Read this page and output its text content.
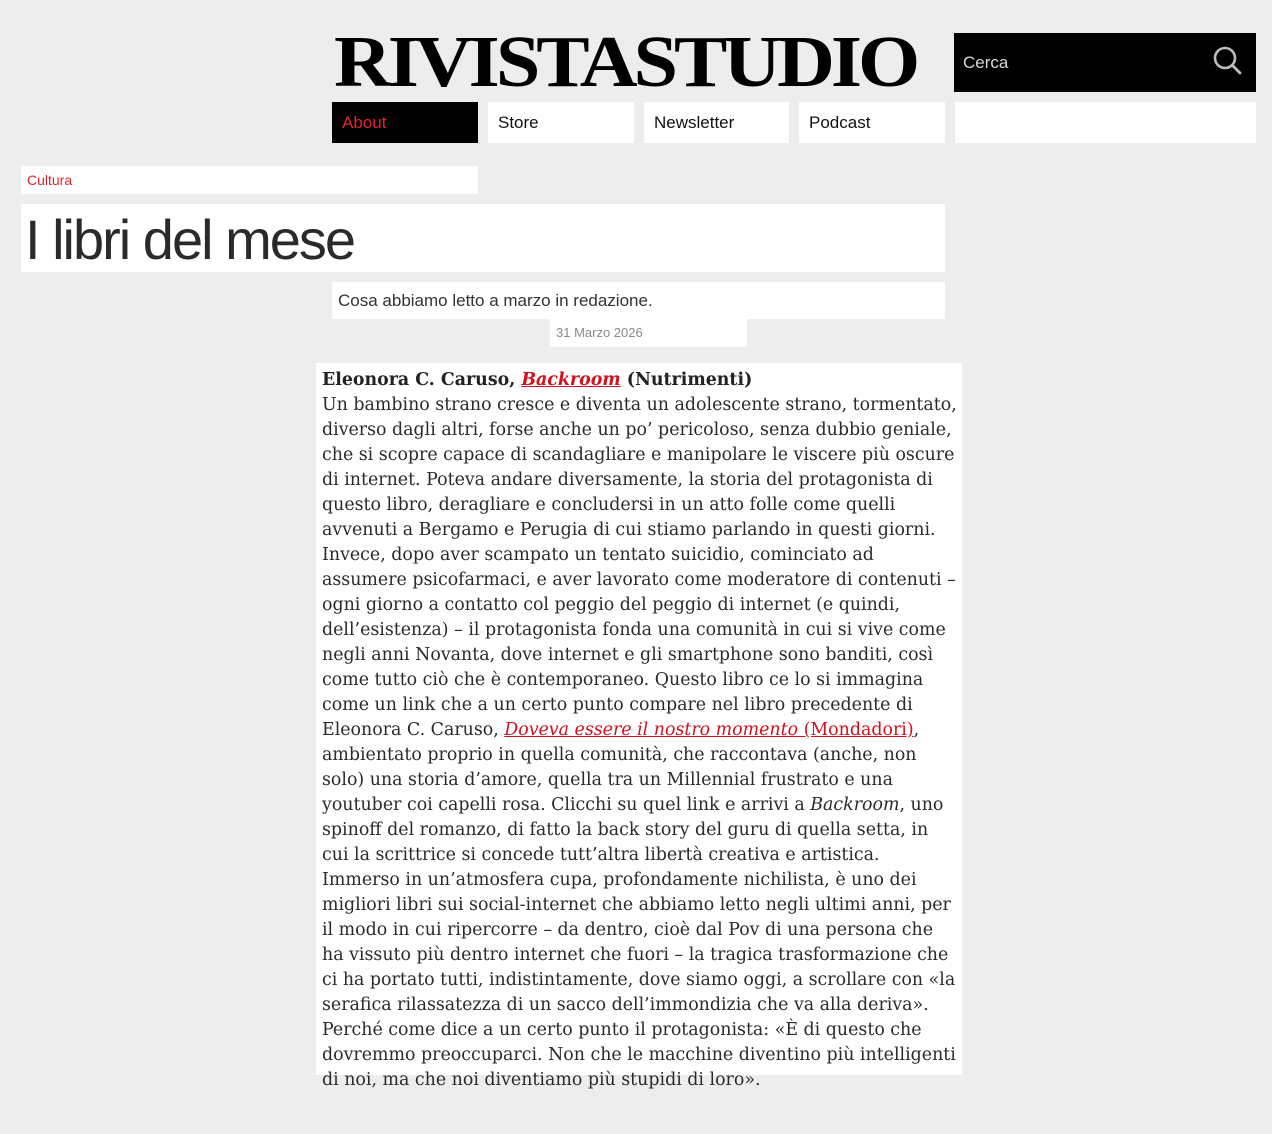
RIVISTASTUDIO
Cerca
About	Store	Newsletter	Podcast
Cultura
I libri del mese
Cosa abbiamo letto a marzo in redazione.
31 Marzo 2026

Eleonora C. Caruso, Backroom (Nutrimenti)

Un bambino strano cresce e diventa un adolescente strano, tormentato, diverso dagli altri, forse anche un po’ pericoloso, senza dubbio geniale, che si scopre capace di scandagliare e manipolare le viscere più oscure di internet. Poteva andare diversamente, la storia del protagonista di questo libro, deragliare e concludersi in un atto folle come quelli avvenuti a Bergamo e Perugia di cui stiamo parlando in questi giorni. Invece, dopo aver scampato un tentato suicidio, cominciato ad assumere psicofarmaci, e aver lavorato come moderatore di contenuti – ogni giorno a contatto col peggio del peggio di internet (e quindi, dell’esistenza) – il protagonista fonda una comunità in cui si vive come negli anni Novanta, dove internet e gli smartphone sono banditi, così come tutto ciò che è contemporaneo. Questo libro ce lo si immagina come un link che a un certo punto compare nel libro precedente di Eleonora C. Caruso, Doveva essere il nostro momento (Mondadori), ambientato proprio in quella comunità, che raccontava (anche, non solo) una storia d’amore, quella tra un Millennial frustrato e una youtuber coi capelli rosa. Clicchi su quel link e arrivi a Backroom, uno spinoff del romanzo, di fatto la back story del guru di quella setta, in cui la scrittrice si concede tutt’altra libertà creativa e artistica. Immerso in un’atmosfera cupa, profondamente nichilista, è uno dei migliori libri sui social-internet che abbiamo letto negli ultimi anni, per il modo in cui ripercorre – da dentro, cioè dal Pov di una persona che ha vissuto più dentro internet che fuori – la tragica trasformazione che ci ha portato tutti, indistintamente, dove siamo oggi, a scrollare con «la serafica rilassatezza di un sacco dell’immondizia che va alla deriva». Perché come dice a un certo punto il protagonista: «È di questo che dovremmo preoccuparci. Non che le macchine diventino più intelligenti di noi, ma che noi diventiamo più stupidi di loro».
